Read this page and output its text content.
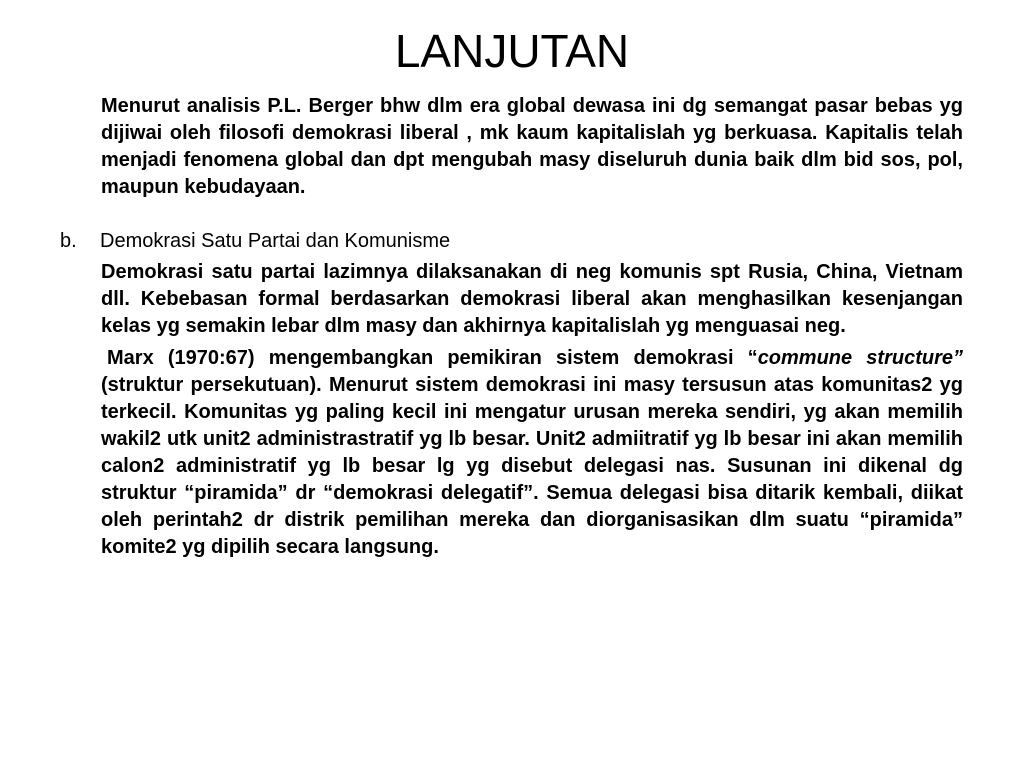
LANJUTAN

Menurut analisis P.L. Berger bhw dlm era global dewasa ini dg semangat pasar bebas yg dijiwai oleh filosofi demokrasi liberal , mk kaum kapitalislah yg berkuasa. Kapitalis telah menjadi fenomena global dan dpt mengubah masy diseluruh dunia baik dlm bid sos, pol, maupun kebudayaan.

b. Demokrasi Satu Partai dan Komunisme

Demokrasi satu partai lazimnya dilaksanakan di neg komunis spt Rusia, China, Vietnam dll. Kebebasan formal berdasarkan demokrasi liberal akan menghasilkan kesenjangan kelas yg semakin lebar dlm masy dan akhirnya kapitalislah yg menguasai neg.

Marx (1970:67) mengembangkan pemikiran sistem demokrasi “commune structure” (struktur persekutuan). Menurut sistem demokrasi ini masy tersusun atas komunitas2 yg terkecil. Komunitas yg paling kecil ini mengatur urusan mereka sendiri, yg akan memilih wakil2 utk unit2 administrastratif yg lb besar. Unit2 admiitratif yg lb besar ini akan memilih calon2 administratif yg lb besar lg yg disebut delegasi nas. Susunan ini dikenal dg struktur “piramida” dr “demokrasi delegatif”. Semua delegasi bisa ditarik kembali, diikat oleh perintah2 dr distrik pemilihan mereka dan diorganisasikan dlm suatu “piramida” komite2 yg dipilih secara langsung.
